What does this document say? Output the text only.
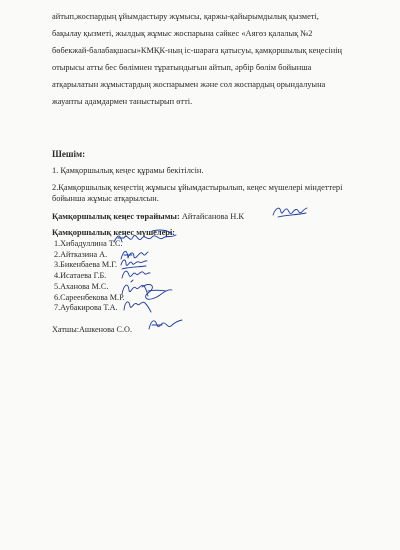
айтып,жоспардың ұйымдастыру жұмысы, қаржы-қайырымдылық қызметі,
бақылау қызметі, жылдық жұмыс жоспарына сәйкес «Аягөз қалалық №2
бөбекжай-балабақшасы»КМҚК-ның іс-шараға қатысуы, қамқоршылық кеңесінің
отырысы атты бес бөлімнен тұратындығын айтып, әрбір бөлім бойынша
атқарылатын жұмыстардың жоспарымен және сол жоспардың орындалуына
жауапты адамдармен таныстырып өтті.
Шешім:
1. Қамқоршылық кеңес құрамы бекітілсін.
2.Қамқоршылық кеңестің жұмысы ұйымдастырылып, кеңес мүшелері міндеттері
бойынша жұмыс атқарылсын.
Қамқоршылық кеңес төрайымы: Айтайсанова Н.К
Қамқоршылық кеңес мүшелері:
1.Хибадуллина Т.С.
2.Айтказина А.
3.Бикенбаева М.Г.
4.Исатаева Г.Б.
5.Аханова М.С.
6.Сареенбекова М.Р.
7.Аубакирова Т.А.
Хатшы:Ашкенова С.О.
